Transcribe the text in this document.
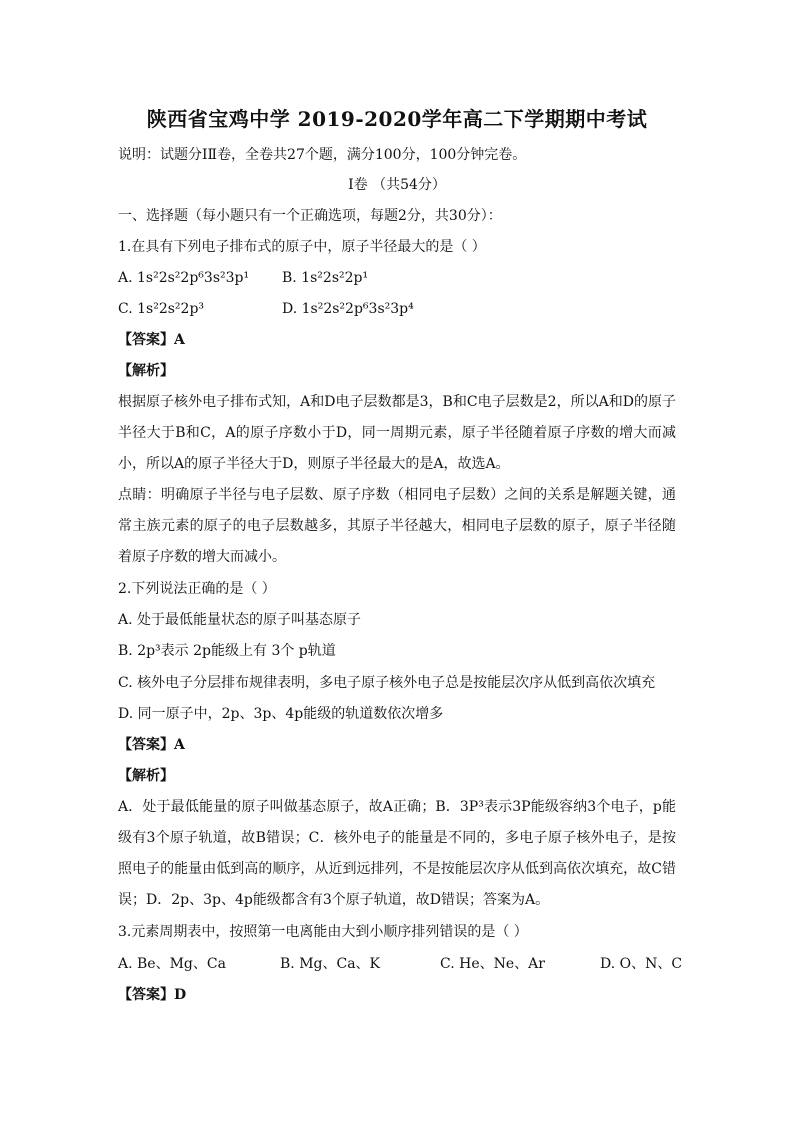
陕西省宝鸡中学 2019-2020学年高二下学期期中考试
说明：试题分ⅠⅡ卷，全卷共27个题，满分100分，100分钟完卷。
Ⅰ卷 （共54分）
一、选择题（每小题只有一个正确选项，每题2分，共30分）：
1.在具有下列电子排布式的原子中，原子半径最大的是（ ）
A. 1s²2s²2p⁶3s²3p¹ B. 1s²2s²2p¹
C. 1s²2s²2p³	D. 1s²2s²2p⁶3s²3p⁴
【答案】A
【解析】
根据原子核外电子排布式知，A和D电子层数都是3，B和C电子层数是2，所以A和D的原子半径大于B和C，A的原子序数小于D，同一周期元素，原子半径随着原子序数的增大而减小，所以A的原子半径大于D，则原子半径最大的是A，故选A。
点睛：明确原子半径与电子层数、原子序数（相同电子层数）之间的关系是解题关键，通常主族元素的原子的电子层数越多，其原子半径越大，相同电子层数的原子，原子半径随着原子序数的增大而减小。
2.下列说法正确的是（ ）
A. 处于最低能量状态的原子叫基态原子
B. 2p³表示 2p能级上有 3个 p轨道
C. 核外电子分层排布规律表明，多电子原子核外电子总是按能层次序从低到高依次填充
D. 同一原子中，2p、3p、4p能级的轨道数依次增多
【答案】A
【解析】
A．处于最低能量的原子叫做基态原子，故A正确；B．3P³表示3P能级容纳3个电子，p能级有3个原子轨道，故B错误；C．核外电子的能量是不同的，多电子原子核外电子，是按照电子的能量由低到高的顺序，从近到远排列，不是按能层次序从低到高依次填充，故C错误；D．2p、3p、4p能级都含有3个原子轨道，故D错误；答案为A。
3.元素周期表中，按照第一电离能由大到小顺序排列错误的是（ ）
A. Be、Mg、Ca	B. Mg、Ca、K	C. He、Ne、Ar	D. O、N、C
【答案】D
